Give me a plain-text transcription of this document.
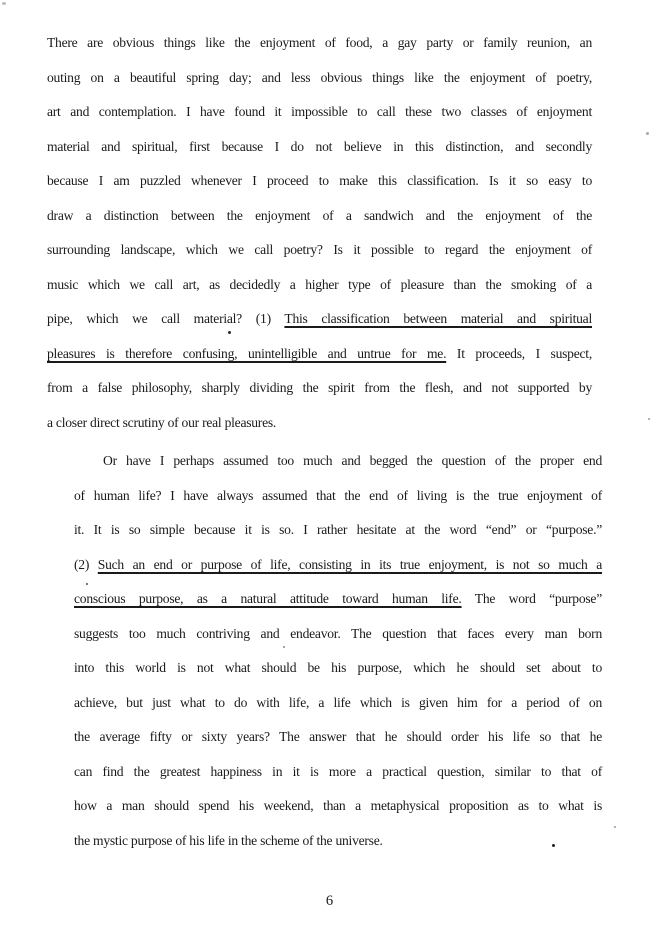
There are obvious things like the enjoyment of food, a gay party or family reunion, an
outing on a beautiful spring day; and less obvious things like the enjoyment of poetry,
art and contemplation. I have found it impossible to call these two classes of enjoyment
material and spiritual, first because I do not believe in this distinction, and secondly
because I am puzzled whenever I proceed to make this classification. Is it so easy to
draw a distinction between the enjoyment of a sandwich and the enjoyment of the
surrounding landscape, which we call poetry? Is it possible to regard the enjoyment of
music which we call art, as decidedly a higher type of pleasure than the smoking of a
pipe, which we call material? (1) This classification between material and spiritual
pleasures is therefore confusing, unintelligible and untrue for me. It proceeds, I suspect,
from a false philosophy, sharply dividing the spirit from the flesh, and not supported by
a closer direct scrutiny of our real pleasures.
Or have I perhaps assumed too much and begged the question of the proper end
of human life? I have always assumed that the end of living is the true enjoyment of
it. It is so simple because it is so. I rather hesitate at the word “end” or “purpose.”
(2) Such an end or purpose of life, consisting in its true enjoyment, is not so much a
conscious purpose, as a natural attitude toward human life. The word “purpose”
suggests too much contriving and endeavor. The question that faces every man born
into this world is not what should be his purpose, which he should set about to
achieve, but just what to do with life, a life which is given him for a period of on
the average fifty or sixty years? The answer that he should order his life so that he
can find the greatest happiness in it is more a practical question, similar to that of
how a man should spend his weekend, than a metaphysical proposition as to what is
the mystic purpose of his life in the scheme of the universe.
6
